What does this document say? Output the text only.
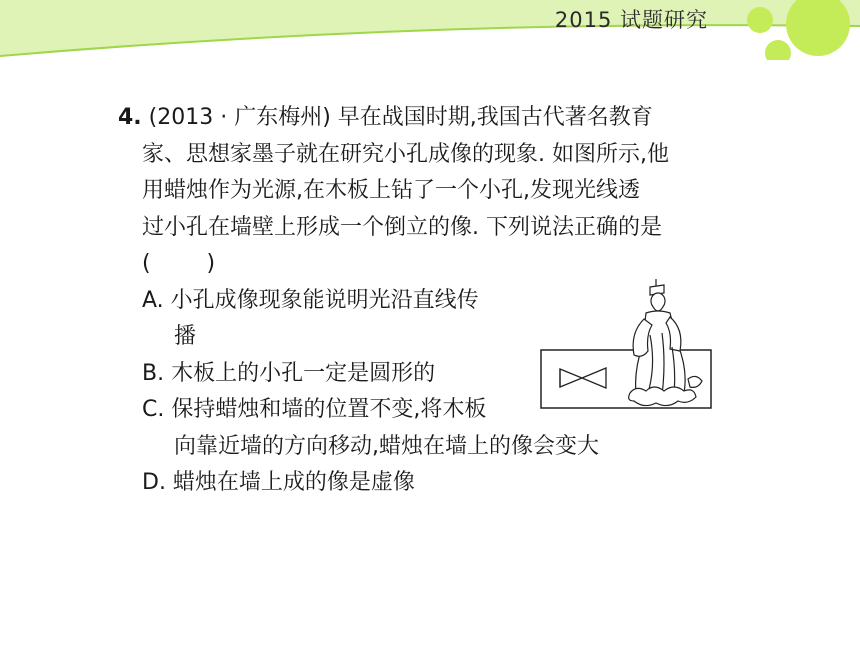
2015 试题研究
4. (2013 · 广东梅州) 早在战国时期,我国古代著名教育
家、思想家墨子就在研究小孔成像的现象. 如图所示,他
用蜡烛作为光源,在木板上钻了一个小孔,发现光线透
过小孔在墙壁上形成一个倒立的像. 下列说法正确的是
(        )
A. 小孔成像现象能说明光沿直线传
播
B. 木板上的小孔一定是圆形的
C. 保持蜡烛和墙的位置不变,将木板
向靠近墙的方向移动,蜡烛在墙上的像会变大
D. 蜡烛在墙上成的像是虚像
